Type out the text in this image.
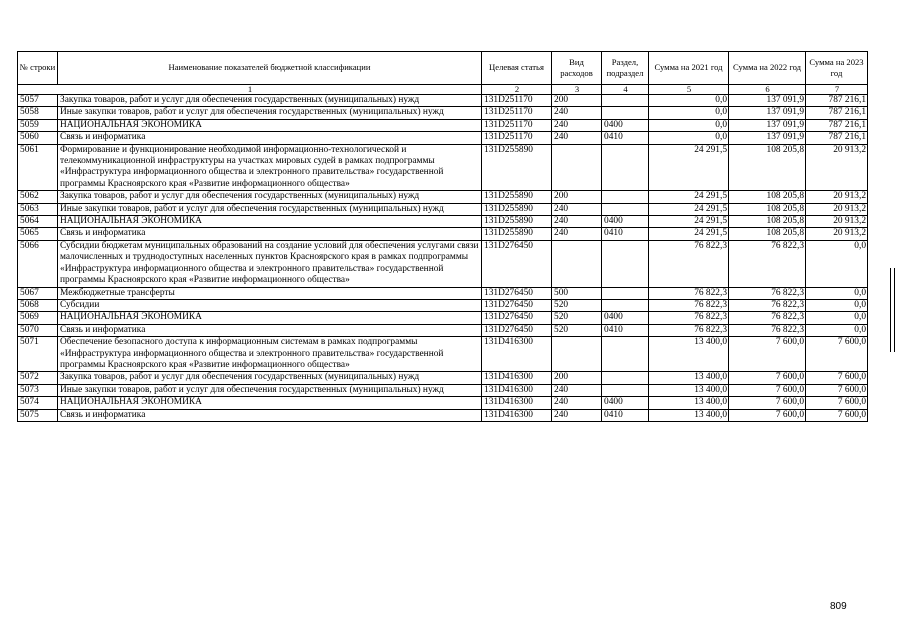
№ строки	Наименование показателей бюджетной классификации	Целевая статья	Вид расходов	Раздел, подраздел	Сумма на 2021 год	Сумма на 2022 год	Сумма на 2023 год
1		2	3	4	5	6	7
5057	Закупка товаров, работ и услуг для обеспечения государственных (муниципальных) нужд	131D251170	200		0,0	137 091,9	787 216,1
5058	Иные закупки товаров, работ и услуг для обеспечения государственных (муниципальных) нужд	131D251170	240		0,0	137 091,9	787 216,1
5059	НАЦИОНАЛЬНАЯ ЭКОНОМИКА	131D251170	240	0400	0,0	137 091,9	787 216,1
5060	Связь и информатика	131D251170	240	0410	0,0	137 091,9	787 216,1
5061	Формирование и функционирование необходимой информационно-технологической и телекоммуникационной инфраструктуры на участках мировых судей в рамках подпрограммы «Инфраструктура информационного общества и электронного правительства» государственной программы Красноярского края «Развитие информационного общества»	131D255890			24 291,5	108 205,8	20 913,2
5062	Закупка товаров, работ и услуг для обеспечения государственных (муниципальных) нужд	131D255890	200		24 291,5	108 205,8	20 913,2
5063	Иные закупки товаров, работ и услуг для обеспечения государственных (муниципальных) нужд	131D255890	240		24 291,5	108 205,8	20 913,2
5064	НАЦИОНАЛЬНАЯ ЭКОНОМИКА	131D255890	240	0400	24 291,5	108 205,8	20 913,2
5065	Связь и информатика	131D255890	240	0410	24 291,5	108 205,8	20 913,2
5066	Субсидии бюджетам муниципальных образований на создание условий для обеспечения услугами связи малочисленных и труднодоступных населенных пунктов Красноярского края в рамках подпрограммы «Инфраструктура информационного общества и электронного правительства» государственной программы Красноярского края «Развитие информационного общества»	131D276450			76 822,3	76 822,3	0,0
5067	Межбюджетные трансферты	131D276450	500		76 822,3	76 822,3	0,0
5068	Субсидии	131D276450	520		76 822,3	76 822,3	0,0
5069	НАЦИОНАЛЬНАЯ ЭКОНОМИКА	131D276450	520	0400	76 822,3	76 822,3	0,0
5070	Связь и информатика	131D276450	520	0410	76 822,3	76 822,3	0,0
5071	Обеспечение безопасного доступа к информационным системам в рамках подпрограммы «Инфраструктура информационного общества и электронного правительства» государственной программы Красноярского края «Развитие информационного общества»	131D416300			13 400,0	7 600,0	7 600,0
5072	Закупка товаров, работ и услуг для обеспечения государственных (муниципальных) нужд	131D416300	200		13 400,0	7 600,0	7 600,0
5073	Иные закупки товаров, работ и услуг для обеспечения государственных (муниципальных) нужд	131D416300	240		13 400,0	7 600,0	7 600,0
5074	НАЦИОНАЛЬНАЯ ЭКОНОМИКА	131D416300	240	0400	13 400,0	7 600,0	7 600,0
5075	Связь и информатика	131D416300	240	0410	13 400,0	7 600,0	7 600,0
809
